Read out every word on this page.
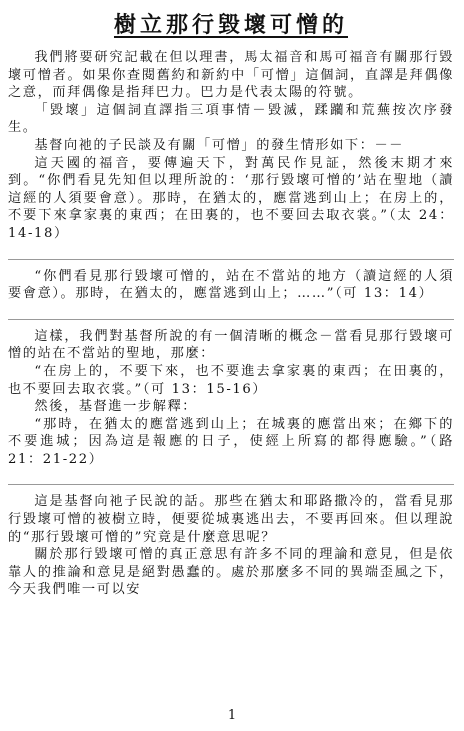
樹立那行毀壞可憎的

我們將要研究記載在但以理書，馬太福音和馬可福音有關那行毀壞可憎者。如果你查閱舊約和新約中「可憎」這個詞，直譯是拜偶像之意，而拜偶像是指拜巴力。巴力是代表太陽的符號。

「毀壞」這個詞直譯指三項事情－毀滅，蹂躪和荒蕪按次序發生。

基督向祂的子民談及有關「可憎」的發生情形如下：－－

這天國的福音，要傳遍天下，對萬民作見証，然後末期才來到。“你們看見先知但以理所說的：‘那行毀壞可憎的’站在聖地（讀這經的人須要會意）。那時，在猶太的，應當逃到山上；在房上的，不要下來拿家裏的東西；在田裏的，也不要回去取衣裳。”（太 24：14-18）

“你們看見那行毀壞可憎的，站在不當站的地方（讀這經的人須要會意）。那時，在猶太的，應當逃到山上；……”（可 13：14）

這樣，我們對基督所說的有一個清晰的概念－當看見那行毀壞可憎的站在不當站的聖地，那麼：

“在房上的，不要下來，也不要進去拿家裏的東西；在田裏的，也不要回去取衣裳。”（可 13：15-16）

然後，基督進一步解釋：

“那時，在猶太的應當逃到山上；在城裏的應當出來；在鄉下的不要進城；因為這是報應的日子，使經上所寫的都得應驗。”（路 21：21-22）

這是基督向祂子民說的話。那些在猶太和耶路撒冷的，當看見那行毀壞可憎的被樹立時，便要從城裏逃出去，不要再回來。但以理說的“那行毀壞可憎的”究竟是什麼意思呢？

關於那行毀壞可憎的真正意思有許多不同的理論和意見，但是依靠人的推論和意見是絕對愚蠢的。處於那麼多不同的異端歪風之下，今天我們唯一可以安

1
